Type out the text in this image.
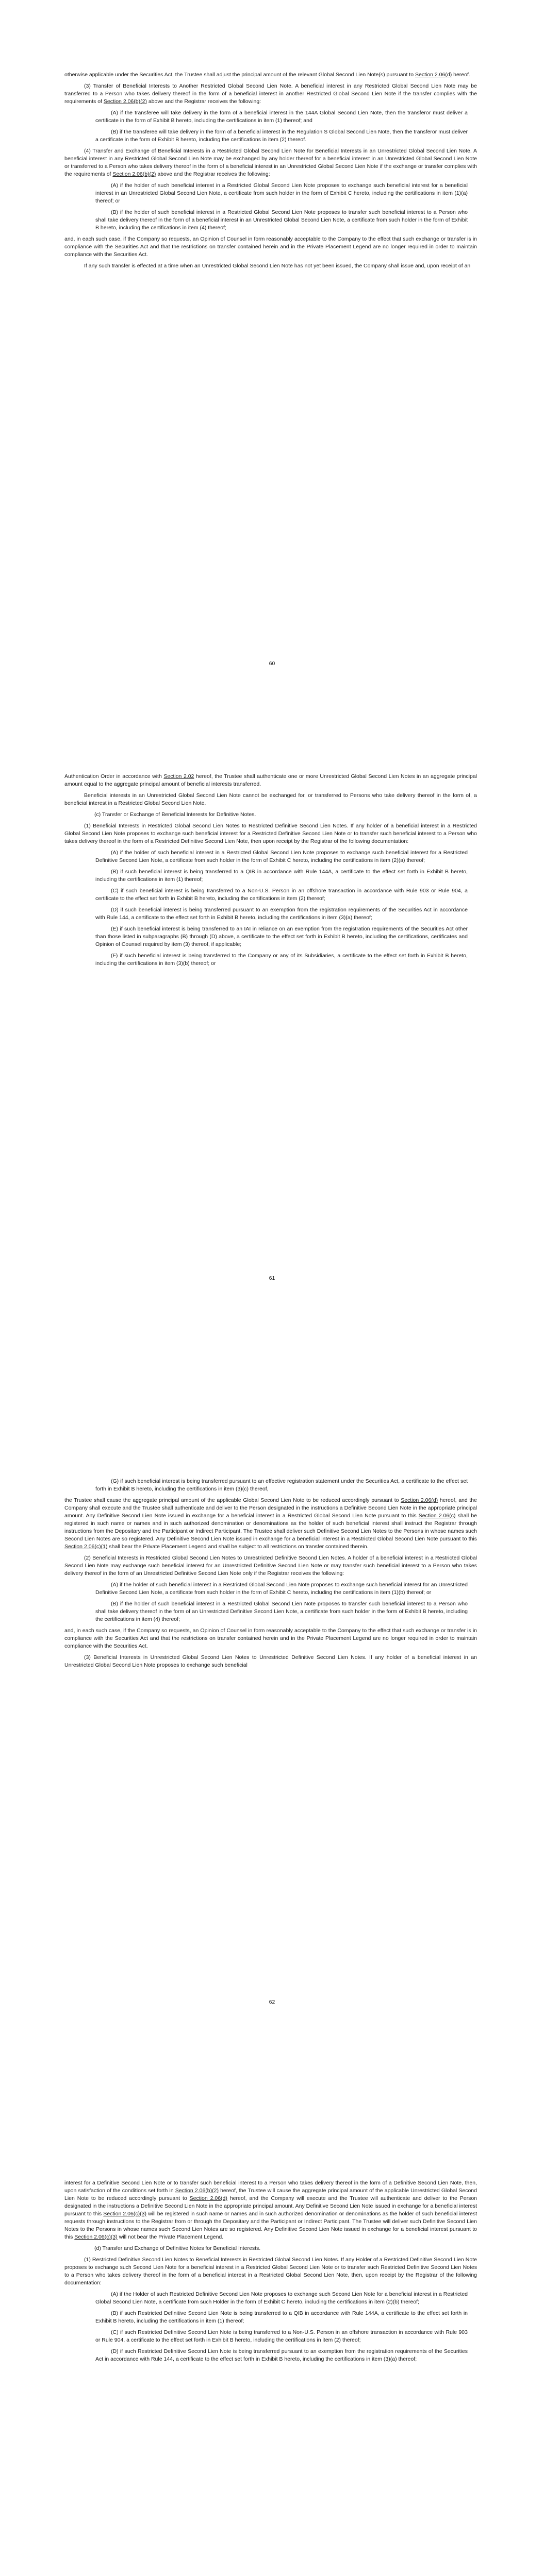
otherwise applicable under the Securities Act, the Trustee shall adjust the principal amount of the relevant Global Second Lien Note(s) pursuant to Section 2.06(d) hereof.

(3) Transfer of Beneficial Interests to Another Restricted Global Second Lien Note. A beneficial interest in any Restricted Global Second Lien Note may be transferred to a Person who takes delivery thereof in the form of a beneficial interest in another Restricted Global Second Lien Note if the transfer complies with the requirements of Section 2.06(b)(2) above and the Registrar receives the following:

(A) if the transferee will take delivery in the form of a beneficial interest in the 144A Global Second Lien Note, then the transferor must deliver a certificate in the form of Exhibit B hereto, including the certifications in item (1) thereof; and

(B) if the transferee will take delivery in the form of a beneficial interest in the Regulation S Global Second Lien Note, then the transferor must deliver a certificate in the form of Exhibit B hereto, including the certifications in item (2) thereof.

(4) Transfer and Exchange of Beneficial Interests in a Restricted Global Second Lien Note for Beneficial Interests in an Unrestricted Global Second Lien Note. A beneficial interest in any Restricted Global Second Lien Note may be exchanged by any holder thereof for a beneficial interest in an Unrestricted Global Second Lien Note or transferred to a Person who takes delivery thereof in the form of a beneficial interest in an Unrestricted Global Second Lien Note if the exchange or transfer complies with the requirements of Section 2.06(b)(2) above and the Registrar receives the following:

(A) if the holder of such beneficial interest in a Restricted Global Second Lien Note proposes to exchange such beneficial interest for a beneficial interest in an Unrestricted Global Second Lien Note, a certificate from such holder in the form of Exhibit C hereto, including the certifications in item (1)(a) thereof; or

(B) if the holder of such beneficial interest in a Restricted Global Second Lien Note proposes to transfer such beneficial interest to a Person who shall take delivery thereof in the form of a beneficial interest in an Unrestricted Global Second Lien Note, a certificate from such holder in the form of Exhibit B hereto, including the certifications in item (4) thereof;

and, in each such case, if the Company so requests, an Opinion of Counsel in form reasonably acceptable to the Company to the effect that such exchange or transfer is in compliance with the Securities Act and that the restrictions on transfer contained herein and in the Private Placement Legend are no longer required in order to maintain compliance with the Securities Act.

If any such transfer is effected at a time when an Unrestricted Global Second Lien Note has not yet been issued, the Company shall issue and, upon receipt of an

60

Authentication Order in accordance with Section 2.02 hereof, the Trustee shall authenticate one or more Unrestricted Global Second Lien Notes in an aggregate principal amount equal to the aggregate principal amount of beneficial interests transferred.

Beneficial interests in an Unrestricted Global Second Lien Note cannot be exchanged for, or transferred to Persons who take delivery thereof in the form of, a beneficial interest in a Restricted Global Second Lien Note.

(c) Transfer or Exchange of Beneficial Interests for Definitive Notes.

(1) Beneficial Interests in Restricted Global Second Lien Notes to Restricted Definitive Second Lien Notes. If any holder of a beneficial interest in a Restricted Global Second Lien Note proposes to exchange such beneficial interest for a Restricted Definitive Second Lien Note or to transfer such beneficial interest to a Person who takes delivery thereof in the form of a Restricted Definitive Second Lien Note, then upon receipt by the Registrar of the following documentation:

(A) if the holder of such beneficial interest in a Restricted Global Second Lien Note proposes to exchange such beneficial interest for a Restricted Definitive Second Lien Note, a certificate from such holder in the form of Exhibit C hereto, including the certifications in item (2)(a) thereof;

(B) if such beneficial interest is being transferred to a QIB in accordance with Rule 144A, a certificate to the effect set forth in Exhibit B hereto, including the certifications in item (1) thereof;

(C) if such beneficial interest is being transferred to a Non-U.S. Person in an offshore transaction in accordance with Rule 903 or Rule 904, a certificate to the effect set forth in Exhibit B hereto, including the certifications in item (2) thereof;

(D) if such beneficial interest is being transferred pursuant to an exemption from the registration requirements of the Securities Act in accordance with Rule 144, a certificate to the effect set forth in Exhibit B hereto, including the certifications in item (3)(a) thereof;

(E) if such beneficial interest is being transferred to an IAI in reliance on an exemption from the registration requirements of the Securities Act other than those listed in subparagraphs (B) through (D) above, a certificate to the effect set forth in Exhibit B hereto, including the certifications, certificates and Opinion of Counsel required by item (3) thereof, if applicable;

(F) if such beneficial interest is being transferred to the Company or any of its Subsidiaries, a certificate to the effect set forth in Exhibit B hereto, including the certifications in item (3)(b) thereof; or

61

(G) if such beneficial interest is being transferred pursuant to an effective registration statement under the Securities Act, a certificate to the effect set forth in Exhibit B hereto, including the certifications in item (3)(c) thereof,

the Trustee shall cause the aggregate principal amount of the applicable Global Second Lien Note to be reduced accordingly pursuant to Section 2.06(d) hereof, and the Company shall execute and the Trustee shall authenticate and deliver to the Person designated in the instructions a Definitive Second Lien Note in the appropriate principal amount. Any Definitive Second Lien Note issued in exchange for a beneficial interest in a Restricted Global Second Lien Note pursuant to this Section 2.06(c) shall be registered in such name or names and in such authorized denomination or denominations as the holder of such beneficial interest shall instruct the Registrar through instructions from the Depositary and the Participant or Indirect Participant. The Trustee shall deliver such Definitive Second Lien Notes to the Persons in whose names such Second Lien Notes are so registered. Any Definitive Second Lien Note issued in exchange for a beneficial interest in a Restricted Global Second Lien Note pursuant to this Section 2.06(c)(1) shall bear the Private Placement Legend and shall be subject to all restrictions on transfer contained therein.

(2) Beneficial Interests in Restricted Global Second Lien Notes to Unrestricted Definitive Second Lien Notes. A holder of a beneficial interest in a Restricted Global Second Lien Note may exchange such beneficial interest for an Unrestricted Definitive Second Lien Note or may transfer such beneficial interest to a Person who takes delivery thereof in the form of an Unrestricted Definitive Second Lien Note only if the Registrar receives the following:

(A) if the holder of such beneficial interest in a Restricted Global Second Lien Note proposes to exchange such beneficial interest for an Unrestricted Definitive Second Lien Note, a certificate from such holder in the form of Exhibit C hereto, including the certifications in item (1)(b) thereof; or

(B) if the holder of such beneficial interest in a Restricted Global Second Lien Note proposes to transfer such beneficial interest to a Person who shall take delivery thereof in the form of an Unrestricted Definitive Second Lien Note, a certificate from such holder in the form of Exhibit B hereto, including the certifications in item (4) thereof;

and, in each such case, if the Company so requests, an Opinion of Counsel in form reasonably acceptable to the Company to the effect that such exchange or transfer is in compliance with the Securities Act and that the restrictions on transfer contained herein and in the Private Placement Legend are no longer required in order to maintain compliance with the Securities Act.

(3) Beneficial Interests in Unrestricted Global Second Lien Notes to Unrestricted Definitive Second Lien Notes. If any holder of a beneficial interest in an Unrestricted Global Second Lien Note proposes to exchange such beneficial

62

interest for a Definitive Second Lien Note or to transfer such beneficial interest to a Person who takes delivery thereof in the form of a Definitive Second Lien Note, then, upon satisfaction of the conditions set forth in Section 2.06(b)(2) hereof, the Trustee will cause the aggregate principal amount of the applicable Unrestricted Global Second Lien Note to be reduced accordingly pursuant to Section 2.06(d) hereof, and the Company will execute and the Trustee will authenticate and deliver to the Person designated in the instructions a Definitive Second Lien Note in the appropriate principal amount. Any Definitive Second Lien Note issued in exchange for a beneficial interest pursuant to this Section 2.06(c)(3) will be registered in such name or names and in such authorized denomination or denominations as the holder of such beneficial interest requests through instructions to the Registrar from or through the Depositary and the Participant or Indirect Participant. The Trustee will deliver such Definitive Second Lien Notes to the Persons in whose names such Second Lien Notes are so registered. Any Definitive Second Lien Note issued in exchange for a beneficial interest pursuant to this Section 2.06(c)(3) will not bear the Private Placement Legend.

(d) Transfer and Exchange of Definitive Notes for Beneficial Interests.

(1) Restricted Definitive Second Lien Notes to Beneficial Interests in Restricted Global Second Lien Notes. If any Holder of a Restricted Definitive Second Lien Note proposes to exchange such Second Lien Note for a beneficial interest in a Restricted Global Second Lien Note or to transfer such Restricted Definitive Second Lien Notes to a Person who takes delivery thereof in the form of a beneficial interest in a Restricted Global Second Lien Note, then, upon receipt by the Registrar of the following documentation:

(A) if the Holder of such Restricted Definitive Second Lien Note proposes to exchange such Second Lien Note for a beneficial interest in a Restricted Global Second Lien Note, a certificate from such Holder in the form of Exhibit C hereto, including the certifications in item (2)(b) thereof;

(B) if such Restricted Definitive Second Lien Note is being transferred to a QIB in accordance with Rule 144A, a certificate to the effect set forth in Exhibit B hereto, including the certifications in item (1) thereof;

(C) if such Restricted Definitive Second Lien Note is being transferred to a Non-U.S. Person in an offshore transaction in accordance with Rule 903 or Rule 904, a certificate to the effect set forth in Exhibit B hereto, including the certifications in item (2) thereof;

(D) if such Restricted Definitive Second Lien Note is being transferred pursuant to an exemption from the registration requirements of the Securities Act in accordance with Rule 144, a certificate to the effect set forth in Exhibit B hereto, including the certifications in item (3)(a) thereof;
